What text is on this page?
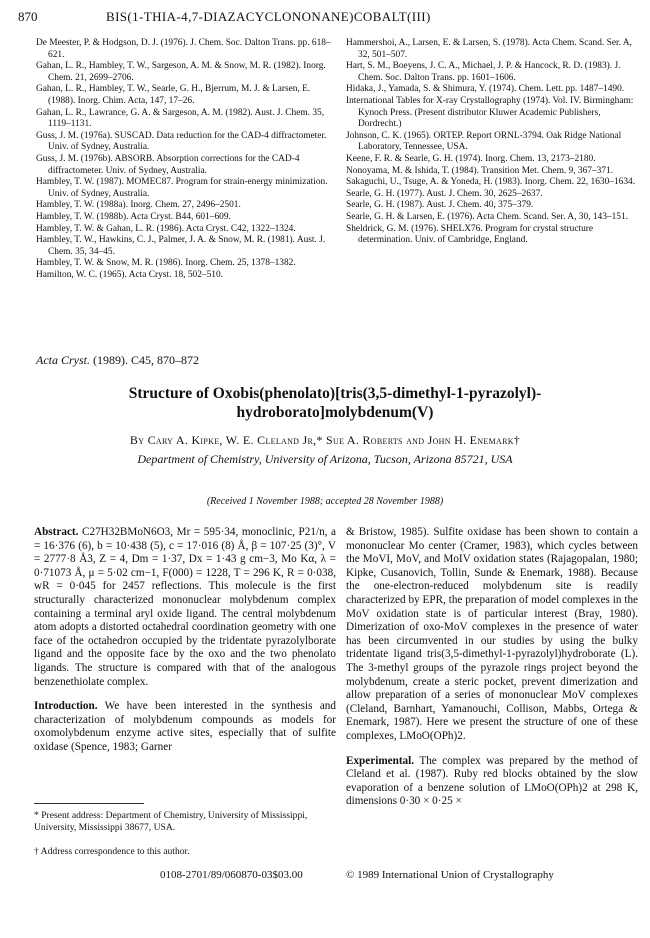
870	BIS(1-THIA-4,7-DIAZACYCLONONANE)COBALT(III)
De Meester, P. & Hodgson, D. J. (1976). J. Chem. Soc. Dalton Trans. pp. 618–621.
Gahan, L. R., Hambley, T. W., Sargeson, A. M. & Snow, M. R. (1982). Inorg. Chem. 21, 2699–2706.
Gahan, L. R., Hambley, T. W., Searle, G. H., Bjerrum, M. J. & Larsen, E. (1988). Inorg. Chim. Acta, 147, 17–26.
Gahan, L. R., Lawrance, G. A. & Sargeson, A. M. (1982). Aust. J. Chem. 35, 1119–1131.
Guss, J. M. (1976a). SUSCAD. Data reduction for the CAD-4 diffractometer. Univ. of Sydney, Australia.
Guss, J. M. (1976b). ABSORB. Absorption corrections for the CAD-4 diffractometer. Univ. of Sydney, Australia.
Hambley, T. W. (1987). MOMEC87. Program for strain-energy minimization. Univ. of Sydney, Australia.
Hambley, T. W. (1988a). Inorg. Chem. 27, 2496–2501.
Hambley, T. W. (1988b). Acta Cryst. B44, 601–609.
Hambley, T. W. & Gahan, L. R. (1986). Acta Cryst. C42, 1322–1324.
Hambley, T. W., Hawkins, C. J., Palmer, J. A. & Snow, M. R. (1981). Aust. J. Chem. 35, 34–45.
Hambley, T. W. & Snow, M. R. (1986). Inorg. Chem. 25, 1378–1382.
Hamilton, W. C. (1965). Acta Cryst. 18, 502–510.
Hammershoi, A., Larsen, E. & Larsen, S. (1978). Acta Chem. Scand. Ser. A, 32, 501–507.
Hart, S. M., Boeyens, J. C. A., Michael, J. P. & Hancock, R. D. (1983). J. Chem. Soc. Dalton Trans. pp. 1601–1606.
Hidaka, J., Yamada, S. & Shimura, Y. (1974). Chem. Lett. pp. 1487–1490.
International Tables for X-ray Crystallography (1974). Vol. IV. Birmingham: Kynoch Press. (Present distributor Kluwer Academic Publishers, Dordrecht.)
Johnson, C. K. (1965). ORTEP. Report ORNL-3794. Oak Ridge National Laboratory, Tennessee, USA.
Keene, F. R. & Searle, G. H. (1974). Inorg. Chem. 13, 2173–2180.
Nonoyama, M. & Ishida, T. (1984). Transition Met. Chem. 9, 367–371.
Sakaguchi, U., Tsuge, A. & Yoneda, H. (1983). Inorg. Chem. 22, 1630–1634.
Searle, G. H. (1977). Aust. J. Chem. 30, 2625–2637.
Searle, G. H. (1987). Aust. J. Chem. 40, 375–379.
Searle, G. H. & Larsen, E. (1976). Acta Chem. Scand. Ser. A, 30, 143–151.
Sheldrick, G. M. (1976). SHELX76. Program for crystal structure determination. Univ. of Cambridge, England.
Acta Cryst. (1989). C45, 870–872
Structure of Oxobis(phenolato)[tris(3,5-dimethyl-1-pyrazolyl)-
hydroborato]molybdenum(V)
By Cary A. Kipke, W. E. Cleland Jr,* Sue A. Roberts and John H. Enemark†
Department of Chemistry, University of Arizona, Tucson, Arizona 85721, USA
(Received 1 November 1988; accepted 28 November 1988)

Abstract. C27H32BMoN6O3, Mr = 595·34, monoclinic, P21/n, a = 16·376 (6), b = 10·438 (5), c = 17·016 (8) Å, β = 107·25 (3)°, V = 2777·8 Å3, Z = 4, Dm = 1·37, Dx = 1·43 g cm−3, Mo Kα, λ = 0·71073 Å, μ = 5·02 cm−1, F(000) = 1228, T = 296 K, R = 0·038, wR = 0·045 for 2457 reflections. This molecule is the first structurally characterized mononuclear molybdenum complex containing a terminal aryl oxide ligand. The central molybdenum atom adopts a distorted octahedral coordination geometry with one face of the octahedron occupied by the tridentate pyrazolylborate ligand and the opposite face by the oxo and the two phenolato ligands. The structure is compared with that of the analogous benzenethiolate complex.

Introduction. We have been interested in the synthesis and characterization of molybdenum compounds as models for oxomolybdenum enzyme active sites, especially that of sulfite oxidase (Spence, 1983; Garner

& Bristow, 1985). Sulfite oxidase has been shown to contain a mononuclear Mo center (Cramer, 1983), which cycles between the MoVI, MoV, and MoIV oxidation states (Rajagopalan, 1980; Kipke, Cusanovich, Tollin, Sunde & Enemark, 1988). Because the one-electron-reduced molybdenum site is readily characterized by EPR, the preparation of model complexes in the MoV oxidation state is of particular interest (Bray, 1980). Dimerization of oxo-MoV complexes in the presence of water has been circumvented in our studies by using the bulky tridentate ligand tris(3,5-dimethyl-1-pyrazolyl)hydroborate (L). The 3-methyl groups of the pyrazole rings project beyond the molybdenum, create a steric pocket, prevent dimerization and allow preparation of a series of mononuclear MoV complexes (Cleland, Barnhart, Yamanouchi, Collison, Mabbs, Ortega & Enemark, 1987). Here we present the structure of one of these complexes, LMoO(OPh)2.

Experimental. The complex was prepared by the method of Cleland et al. (1987). Ruby red blocks obtained by the slow evaporation of a benzene solution of LMoO(OPh)2 at 298 K, dimensions 0·30 × 0·25 ×

* Present address: Department of Chemistry, University of Mississippi, University, Mississippi 38677, USA.
† Address correspondence to this author.
0108-2701/89/060870-03$03.00	© 1989 International Union of Crystallography
